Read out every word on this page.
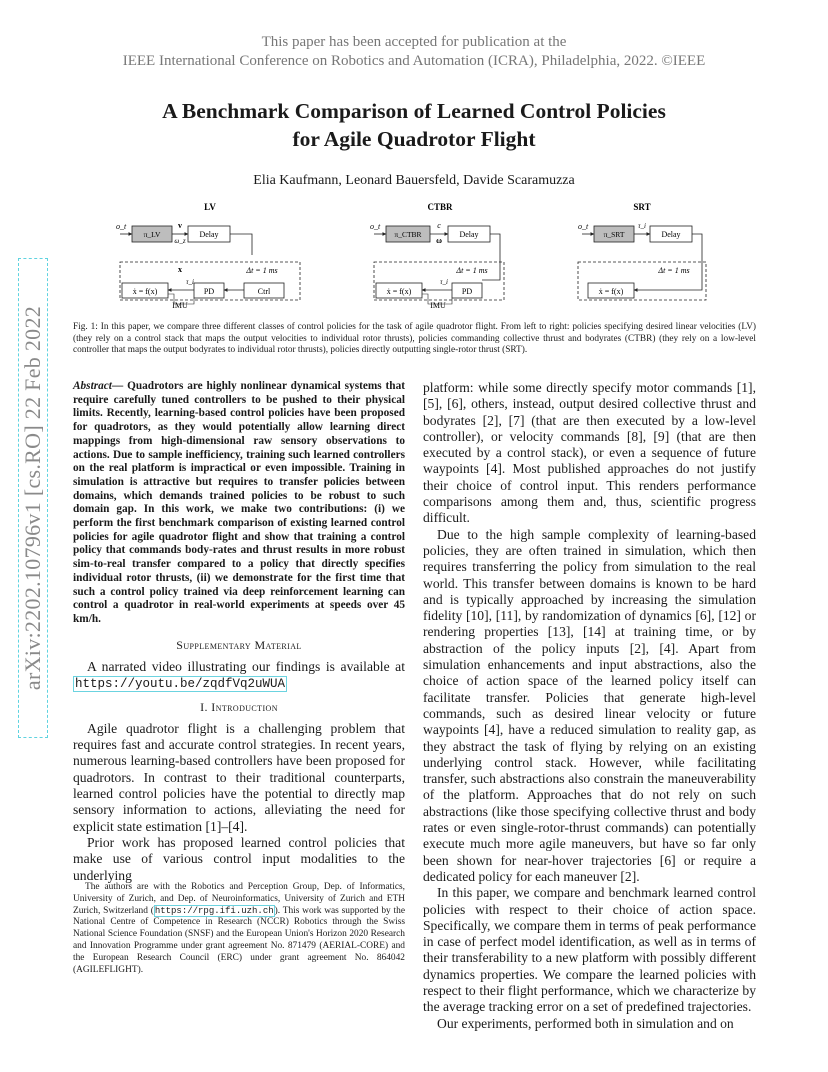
This paper has been accepted for publication at the
IEEE International Conference on Robotics and Automation (ICRA), Philadelphia, 2022. ©IEEE
A Benchmark Comparison of Learned Control Policies
for Agile Quadrotor Flight
Elia Kaufmann, Leonard Bauersfeld, Davide Scaramuzza
arXiv:2202.10796v1 [cs.RO] 22 Feb 2022
LV
o_t
π_LV
v
ω_z
Delay
Δt = 1 ms
x
ẋ = f(x)	PD	Ctrl
τ_i
IMU
CTBR
o_t
π_CTBR
c
ω
Delay
Δt = 1 ms
ẋ = f(x)	PD
τ_i
IMU
SRT
o_t
π_SRT
τ_i
Delay
Δt = 1 ms
ẋ = f(x)
Fig. 1: In this paper, we compare three different classes of control policies for the task of agile quadrotor flight. From left to right: policies specifying desired linear velocities (LV) (they rely on a control stack that maps the output velocities to individual rotor thrusts), policies commanding collective thrust and bodyrates (CTBR) (they rely on a low-level controller that maps the output bodyrates to individual rotor thrusts), policies directly outputting single-rotor thrust (SRT).
Abstract— Quadrotors are highly nonlinear dynamical systems that require carefully tuned controllers to be pushed to their physical limits. Recently, learning-based control policies have been proposed for quadrotors, as they would potentially allow learning direct mappings from high-dimensional raw sensory observations to actions. Due to sample inefficiency, training such learned controllers on the real platform is impractical or even impossible. Training in simulation is attractive but requires to transfer policies between domains, which demands trained policies to be robust to such domain gap. In this work, we make two contributions: (i) we perform the first benchmark comparison of existing learned control policies for agile quadrotor flight and show that training a control policy that commands body-rates and thrust results in more robust sim-to-real transfer compared to a policy that directly specifies individual rotor thrusts, (ii) we demonstrate for the first time that such a control policy trained via deep reinforcement learning can control a quadrotor in real-world experiments at speeds over 45 km/h.
Supplementary Material

A narrated video illustrating our findings is available at https://youtu.be/zqdfVq2uWUA

I. Introduction

Agile quadrotor flight is a challenging problem that requires fast and accurate control strategies. In recent years, numerous learning-based controllers have been proposed for quadrotors. In contrast to their traditional counterparts, learned control policies have the potential to directly map sensory information to actions, alleviating the need for explicit state estimation [1]–[4].

Prior work has proposed learned control policies that make use of various control input modalities to the underlying

The authors are with the Robotics and Perception Group, Dep. of Informatics, University of Zurich, and Dep. of Neuroinformatics, University of Zurich and ETH Zurich, Switzerland (https://rpg.ifi.uzh.ch). This work was supported by the National Centre of Competence in Research (NCCR) Robotics through the Swiss National Science Foundation (SNSF) and the European Union's Horizon 2020 Research and Innovation Programme under grant agreement No. 871479 (AERIAL-CORE) and the European Research Council (ERC) under grant agreement No. 864042 (AGILEFLIGHT).

platform: while some directly specify motor commands [1], [5], [6], others, instead, output desired collective thrust and bodyrates [2], [7] (that are then executed by a low-level controller), or velocity commands [8], [9] (that are then executed by a control stack), or even a sequence of future waypoints [4]. Most published approaches do not justify their choice of control input. This renders performance comparisons among them and, thus, scientific progress difficult.

Due to the high sample complexity of learning-based policies, they are often trained in simulation, which then requires transferring the policy from simulation to the real world. This transfer between domains is known to be hard and is typically approached by increasing the simulation fidelity [10], [11], by randomization of dynamics [6], [12] or rendering properties [13], [14] at training time, or by abstraction of the policy inputs [2], [4]. Apart from simulation enhancements and input abstractions, also the choice of action space of the learned policy itself can facilitate transfer. Policies that generate high-level commands, such as desired linear velocity or future waypoints [4], have a reduced simulation to reality gap, as they abstract the task of flying by relying on an existing underlying control stack. However, while facilitating transfer, such abstractions also constrain the maneuverability of the platform. Approaches that do not rely on such abstractions (like those specifying collective thrust and body rates or even single-rotor-thrust commands) can potentially execute much more agile maneuvers, but have so far only been shown for near-hover trajectories [6] or require a dedicated policy for each maneuver [2].

In this paper, we compare and benchmark learned control policies with respect to their choice of action space. Specifically, we compare them in terms of peak performance in case of perfect model identification, as well as in terms of their transferability to a new platform with possibly different dynamics properties. We compare the learned policies with respect to their flight performance, which we characterize by the average tracking error on a set of predefined trajectories.

Our experiments, performed both in simulation and on
